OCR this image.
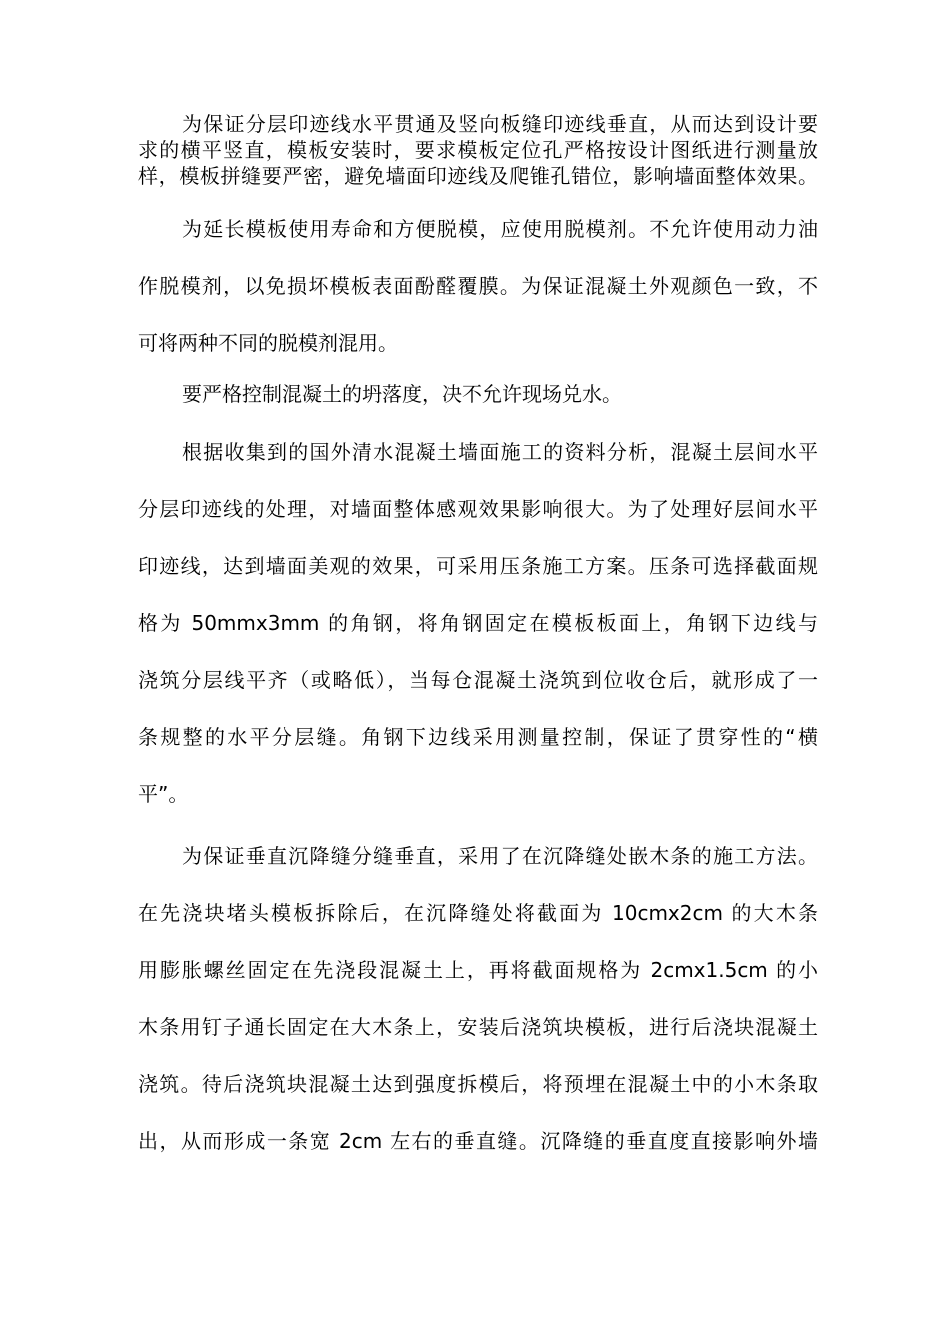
为保证分层印迹线水平贯通及竖向板缝印迹线垂直，从而达到设计要
求的横平竖直，模板安装时，要求模板定位孔严格按设计图纸进行测量放
样，模板拼缝要严密，避免墙面印迹线及爬锥孔错位，影响墙面整体效果。
为延长模板使用寿命和方便脱模，应使用脱模剂。不允许使用动力油
作脱模剂，以免损坏模板表面酚醛覆膜。为保证混凝土外观颜色一致，不
可将两种不同的脱模剂混用。
要严格控制混凝土的坍落度，决不允许现场兑水。
根据收集到的国外清水混凝土墙面施工的资料分析，混凝土层间水平
分层印迹线的处理，对墙面整体感观效果影响很大。为了处理好层间水平
印迹线，达到墙面美观的效果，可采用压条施工方案。压条可选择截面规
格为 50mmx3mm 的角钢，将角钢固定在模板板面上，角钢下边线与
浇筑分层线平齐（或略低），当每仓混凝土浇筑到位收仓后，就形成了一
条规整的水平分层缝。角钢下边线采用测量控制，保证了贯穿性的“横
平”。
为保证垂直沉降缝分缝垂直，采用了在沉降缝处嵌木条的施工方法。
在先浇块堵头模板拆除后，在沉降缝处将截面为 10cmx2cm 的大木条
用膨胀螺丝固定在先浇段混凝土上，再将截面规格为 2cmx1.5cm 的小
木条用钉子通长固定在大木条上，安装后浇筑块模板，进行后浇块混凝土
浇筑。待后浇筑块混凝土达到强度拆模后，将预埋在混凝土中的小木条取
出，从而形成一条宽 2cm 左右的垂直缝。沉降缝的垂直度直接影响外墙
